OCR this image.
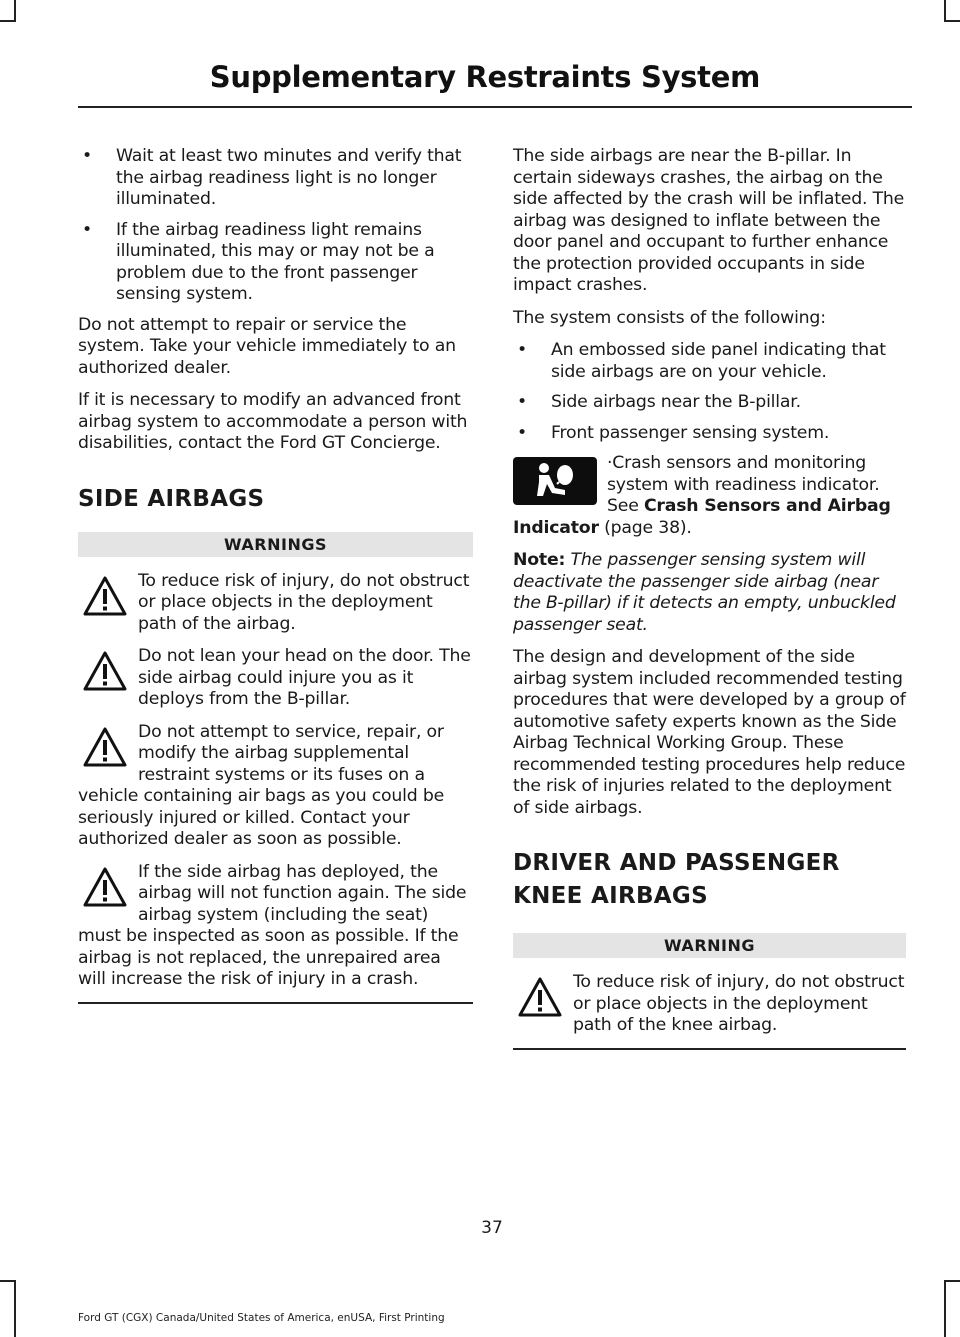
Supplementary Restraints System
• Wait at least two minutes and verify that the airbag readiness light is no longer illuminated.
• If the airbag readiness light remains illuminated, this may or may not be a problem due to the front passenger sensing system.

Do not attempt to repair or service the system. Take your vehicle immediately to an authorized dealer.

If it is necessary to modify an advanced front airbag system to accommodate a person with disabilities, contact the Ford GT Concierge.

SIDE AIRBAGS
WARNINGS
To reduce risk of injury, do not obstruct or place objects in the deployment path of the airbag.
Do not lean your head on the door. The side airbag could injure you as it deploys from the B-pillar.
Do not attempt to service, repair, or modify the airbag supplemental restraint systems or its fuses on a vehicle containing air bags as you could be seriously injured or killed. Contact your authorized dealer as soon as possible.
If the side airbag has deployed, the airbag will not function again. The side airbag system (including the seat) must be inspected as soon as possible. If the airbag is not replaced, the unrepaired area will increase the risk of injury in a crash.

The side airbags are near the B-pillar. In certain sideways crashes, the airbag on the side affected by the crash will be inflated. The airbag was designed to inflate between the door panel and occupant to further enhance the protection provided occupants in side impact crashes.

The system consists of the following:

• An embossed side panel indicating that side airbags are on your vehicle.
• Side airbags near the B-pillar.
• Front passenger sensing system.
·Crash sensors and monitoring system with readiness indicator. See Crash Sensors and Airbag Indicator (page 38).

Note: The passenger sensing system will deactivate the passenger side airbag (near the B-pillar) if it detects an empty, unbuckled passenger seat.

The design and development of the side airbag system included recommended testing procedures that were developed by a group of automotive safety experts known as the Side Airbag Technical Working Group. These recommended testing procedures help reduce the risk of injuries related to the deployment of side airbags.

DRIVER AND PASSENGER
KNEE AIRBAGS
WARNING
To reduce risk of injury, do not obstruct or place objects in the deployment path of the knee airbag.
37
Ford GT (CGX) Canada/United States of America, enUSA, First Printing
